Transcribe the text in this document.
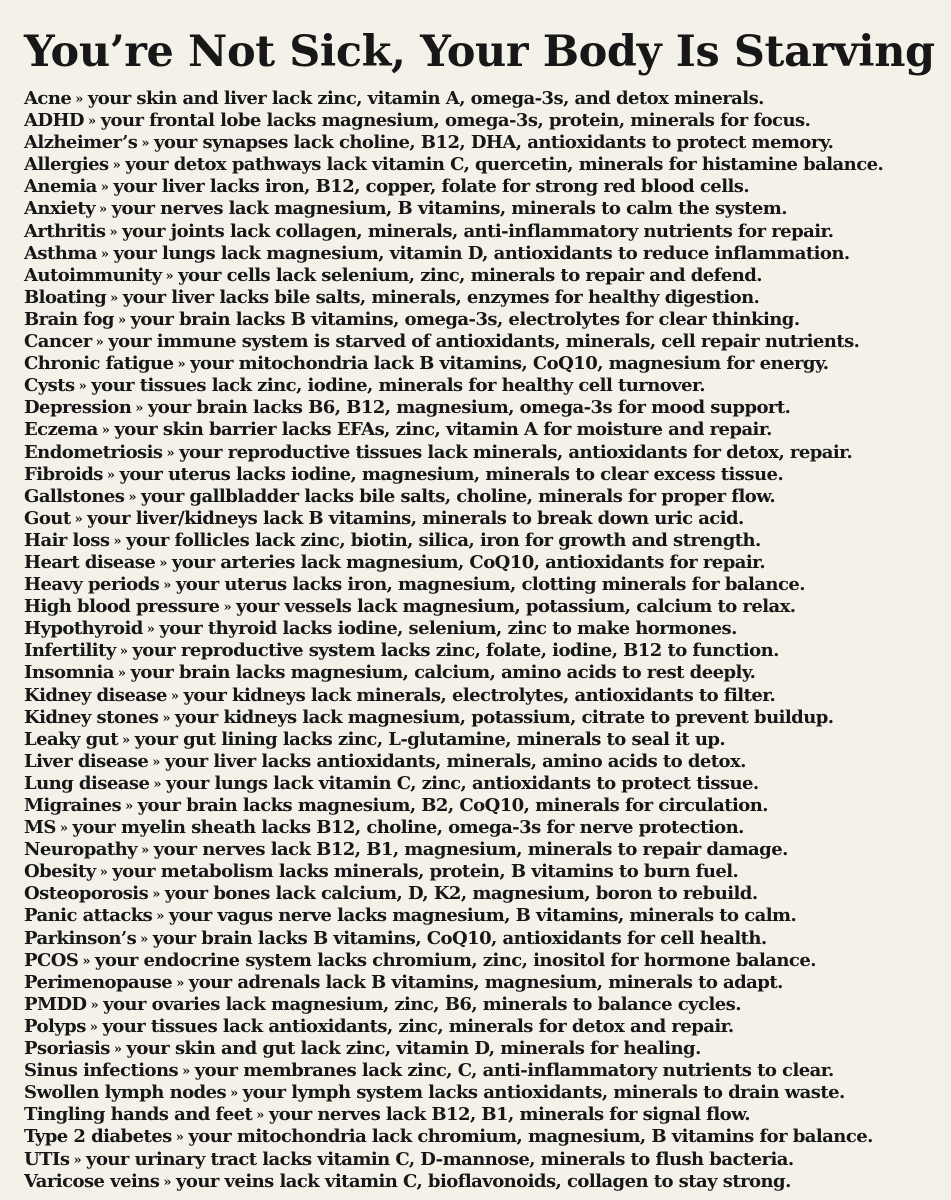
You’re Not Sick, Your Body Is Starving
Acne » your skin and liver lack zinc, vitamin A, omega-3s, and detox minerals.
ADHD » your frontal lobe lacks magnesium, omega-3s, protein, minerals for focus.
Alzheimer’s » your synapses lack choline, B12, DHA, antioxidants to protect memory.
Allergies » your detox pathways lack vitamin C, quercetin, minerals for histamine balance.
Anemia » your liver lacks iron, B12, copper, folate for strong red blood cells.
Anxiety » your nerves lack magnesium, B vitamins, minerals to calm the system.
Arthritis » your joints lack collagen, minerals, anti-inflammatory nutrients for repair.
Asthma » your lungs lack magnesium, vitamin D, antioxidants to reduce inflammation.
Autoimmunity » your cells lack selenium, zinc, minerals to repair and defend.
Bloating » your liver lacks bile salts, minerals, enzymes for healthy digestion.
Brain fog » your brain lacks B vitamins, omega-3s, electrolytes for clear thinking.
Cancer » your immune system is starved of antioxidants, minerals, cell repair nutrients.
Chronic fatigue » your mitochondria lack B vitamins, CoQ10, magnesium for energy.
Cysts » your tissues lack zinc, iodine, minerals for healthy cell turnover.
Depression » your brain lacks B6, B12, magnesium, omega-3s for mood support.
Eczema » your skin barrier lacks EFAs, zinc, vitamin A for moisture and repair.
Endometriosis » your reproductive tissues lack minerals, antioxidants for detox, repair.
Fibroids » your uterus lacks iodine, magnesium, minerals to clear excess tissue.
Gallstones » your gallbladder lacks bile salts, choline, minerals for proper flow.
Gout » your liver/kidneys lack B vitamins, minerals to break down uric acid.
Hair loss » your follicles lack zinc, biotin, silica, iron for growth and strength.
Heart disease » your arteries lack magnesium, CoQ10, antioxidants for repair.
Heavy periods » your uterus lacks iron, magnesium, clotting minerals for balance.
High blood pressure » your vessels lack magnesium, potassium, calcium to relax.
Hypothyroid » your thyroid lacks iodine, selenium, zinc to make hormones.
Infertility » your reproductive system lacks zinc, folate, iodine, B12 to function.
Insomnia » your brain lacks magnesium, calcium, amino acids to rest deeply.
Kidney disease » your kidneys lack minerals, electrolytes, antioxidants to filter.
Kidney stones » your kidneys lack magnesium, potassium, citrate to prevent buildup.
Leaky gut » your gut lining lacks zinc, L-glutamine, minerals to seal it up.
Liver disease » your liver lacks antioxidants, minerals, amino acids to detox.
Lung disease » your lungs lack vitamin C, zinc, antioxidants to protect tissue.
Migraines » your brain lacks magnesium, B2, CoQ10, minerals for circulation.
MS » your myelin sheath lacks B12, choline, omega-3s for nerve protection.
Neuropathy » your nerves lack B12, B1, magnesium, minerals to repair damage.
Obesity » your metabolism lacks minerals, protein, B vitamins to burn fuel.
Osteoporosis » your bones lack calcium, D, K2, magnesium, boron to rebuild.
Panic attacks » your vagus nerve lacks magnesium, B vitamins, minerals to calm.
Parkinson’s » your brain lacks B vitamins, CoQ10, antioxidants for cell health.
PCOS » your endocrine system lacks chromium, zinc, inositol for hormone balance.
Perimenopause » your adrenals lack B vitamins, magnesium, minerals to adapt.
PMDD » your ovaries lack magnesium, zinc, B6, minerals to balance cycles.
Polyps » your tissues lack antioxidants, zinc, minerals for detox and repair.
Psoriasis » your skin and gut lack zinc, vitamin D, minerals for healing.
Sinus infections » your membranes lack zinc, C, anti-inflammatory nutrients to clear.
Swollen lymph nodes » your lymph system lacks antioxidants, minerals to drain waste.
Tingling hands and feet » your nerves lack B12, B1, minerals for signal flow.
Type 2 diabetes » your mitochondria lack chromium, magnesium, B vitamins for balance.
UTIs » your urinary tract lacks vitamin C, D-mannose, minerals to flush bacteria.
Varicose veins » your veins lack vitamin C, bioflavonoids, collagen to stay strong.
